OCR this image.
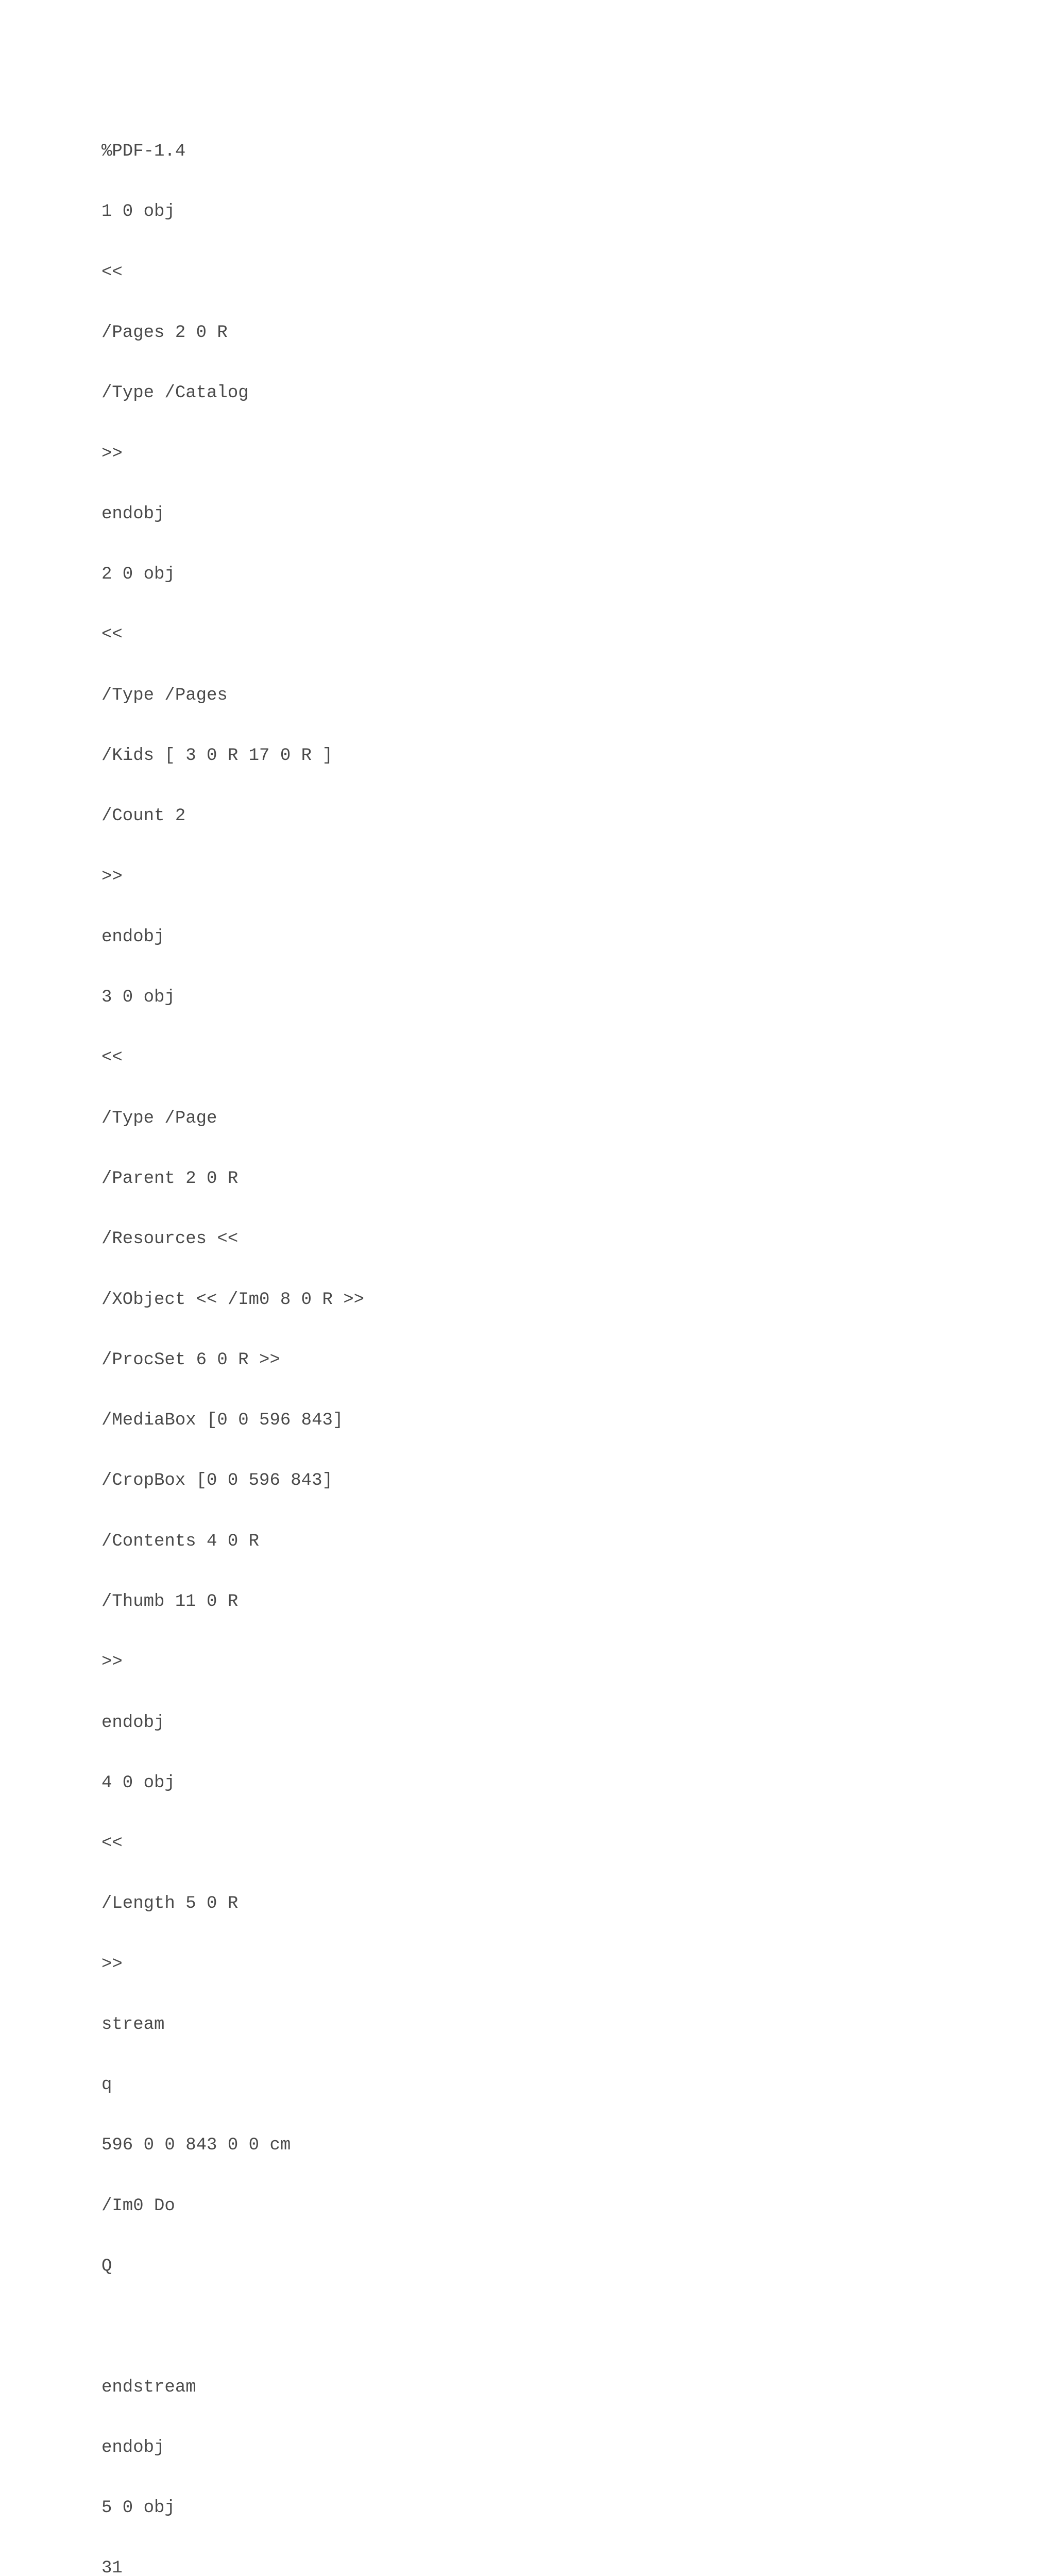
%PDF-1.4

1 0 obj

<<

/Pages 2 0 R

/Type /Catalog

>>

endobj

2 0 obj

<<

/Type /Pages

/Kids [ 3 0 R 17 0 R ]

/Count 2

>>

endobj

3 0 obj

<<

/Type /Page

/Parent 2 0 R

/Resources <<

/XObject << /Im0 8 0 R >>

/ProcSet 6 0 R >>

/MediaBox [0 0 596 843]

/CropBox [0 0 596 843]

/Contents 4 0 R

/Thumb 11 0 R

>>

endobj

4 0 obj

<<

/Length 5 0 R

>>

stream

q

596 0 0 843 0 0 cm

/Im0 Do

Q

endstream

endobj

5 0 obj

31
